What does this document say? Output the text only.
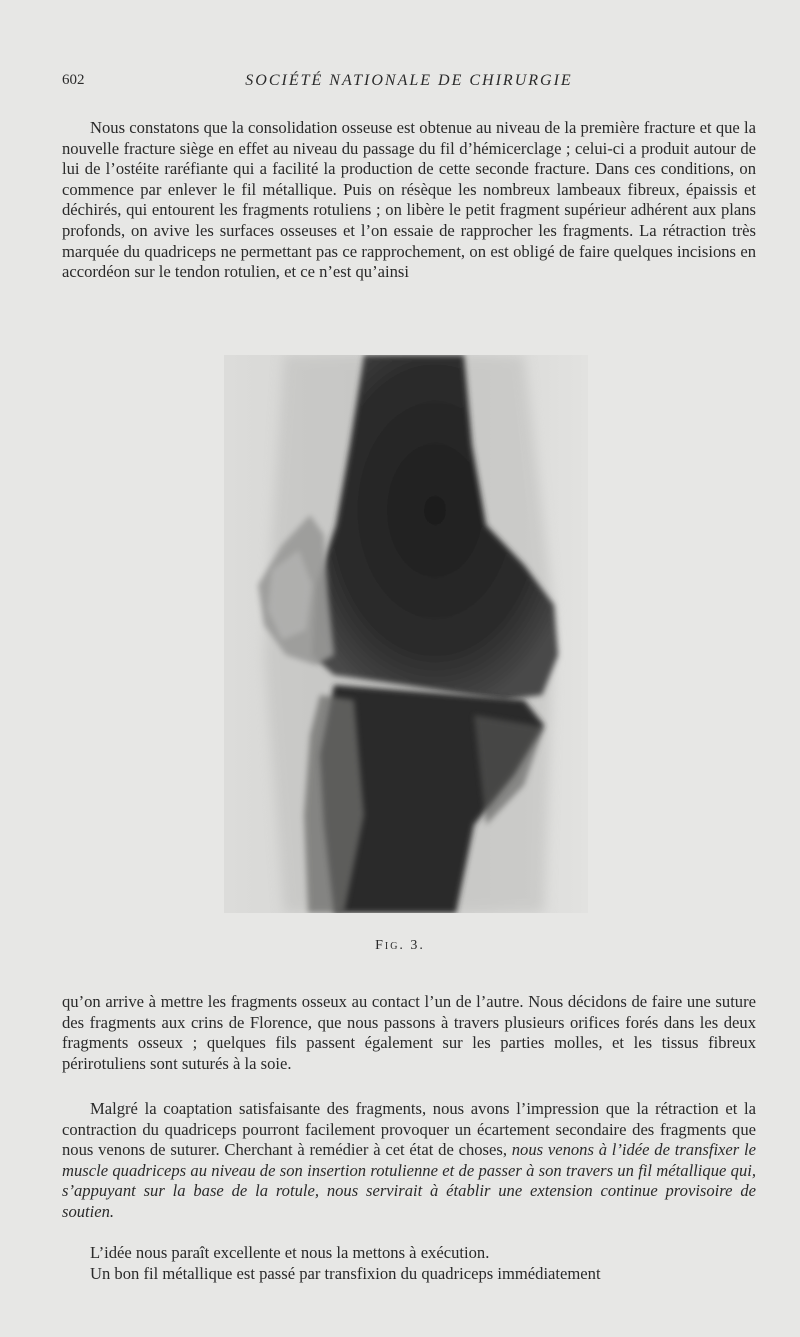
602	SOCIÉTÉ NATIONALE DE CHIRURGIE

Nous constatons que la consolidation osseuse est obtenue au niveau de la première fracture et que la nouvelle fracture siège en effet au niveau du passage du fil d’hémicerclage ; celui-ci a produit autour de lui de l’ostéite raréfiante qui a facilité la production de cette seconde fracture. Dans ces conditions, on commence par enlever le fil métallique. Puis on résèque les nombreux lambeaux fibreux, épaissis et déchirés, qui entourent les fragments rotuliens ; on libère le petit fragment supérieur adhérent aux plans profonds, on avive les surfaces osseuses et l’on essaie de rapprocher les fragments. La rétraction très marquée du quadriceps ne permettant pas ce rapprochement, on est obligé de faire quelques incisions en accordéon sur le tendon rotulien, et ce n’est qu’ainsi

Fig. 3.

qu’on arrive à mettre les fragments osseux au contact l’un de l’autre. Nous décidons de faire une suture des fragments aux crins de Florence, que nous passons à travers plusieurs orifices forés dans les deux fragments osseux ; quelques fils passent également sur les parties molles, et les tissus fibreux périrotuliens sont suturés à la soie.

Malgré la coaptation satisfaisante des fragments, nous avons l’impression que la rétraction et la contraction du quadriceps pourront facilement provoquer un écartement secondaire des fragments que nous venons de suturer. Cherchant à remédier à cet état de choses, nous venons à l’idée de transfixer le muscle quadriceps au niveau de son insertion rotulienne et de passer à son travers un fil métallique qui, s’appuyant sur la base de la rotule, nous servirait à établir une extension continue provisoire de soutien.

L’idée nous paraît excellente et nous la mettons à exécution.

Un bon fil métallique est passé par transfixion du quadriceps immédiatement
